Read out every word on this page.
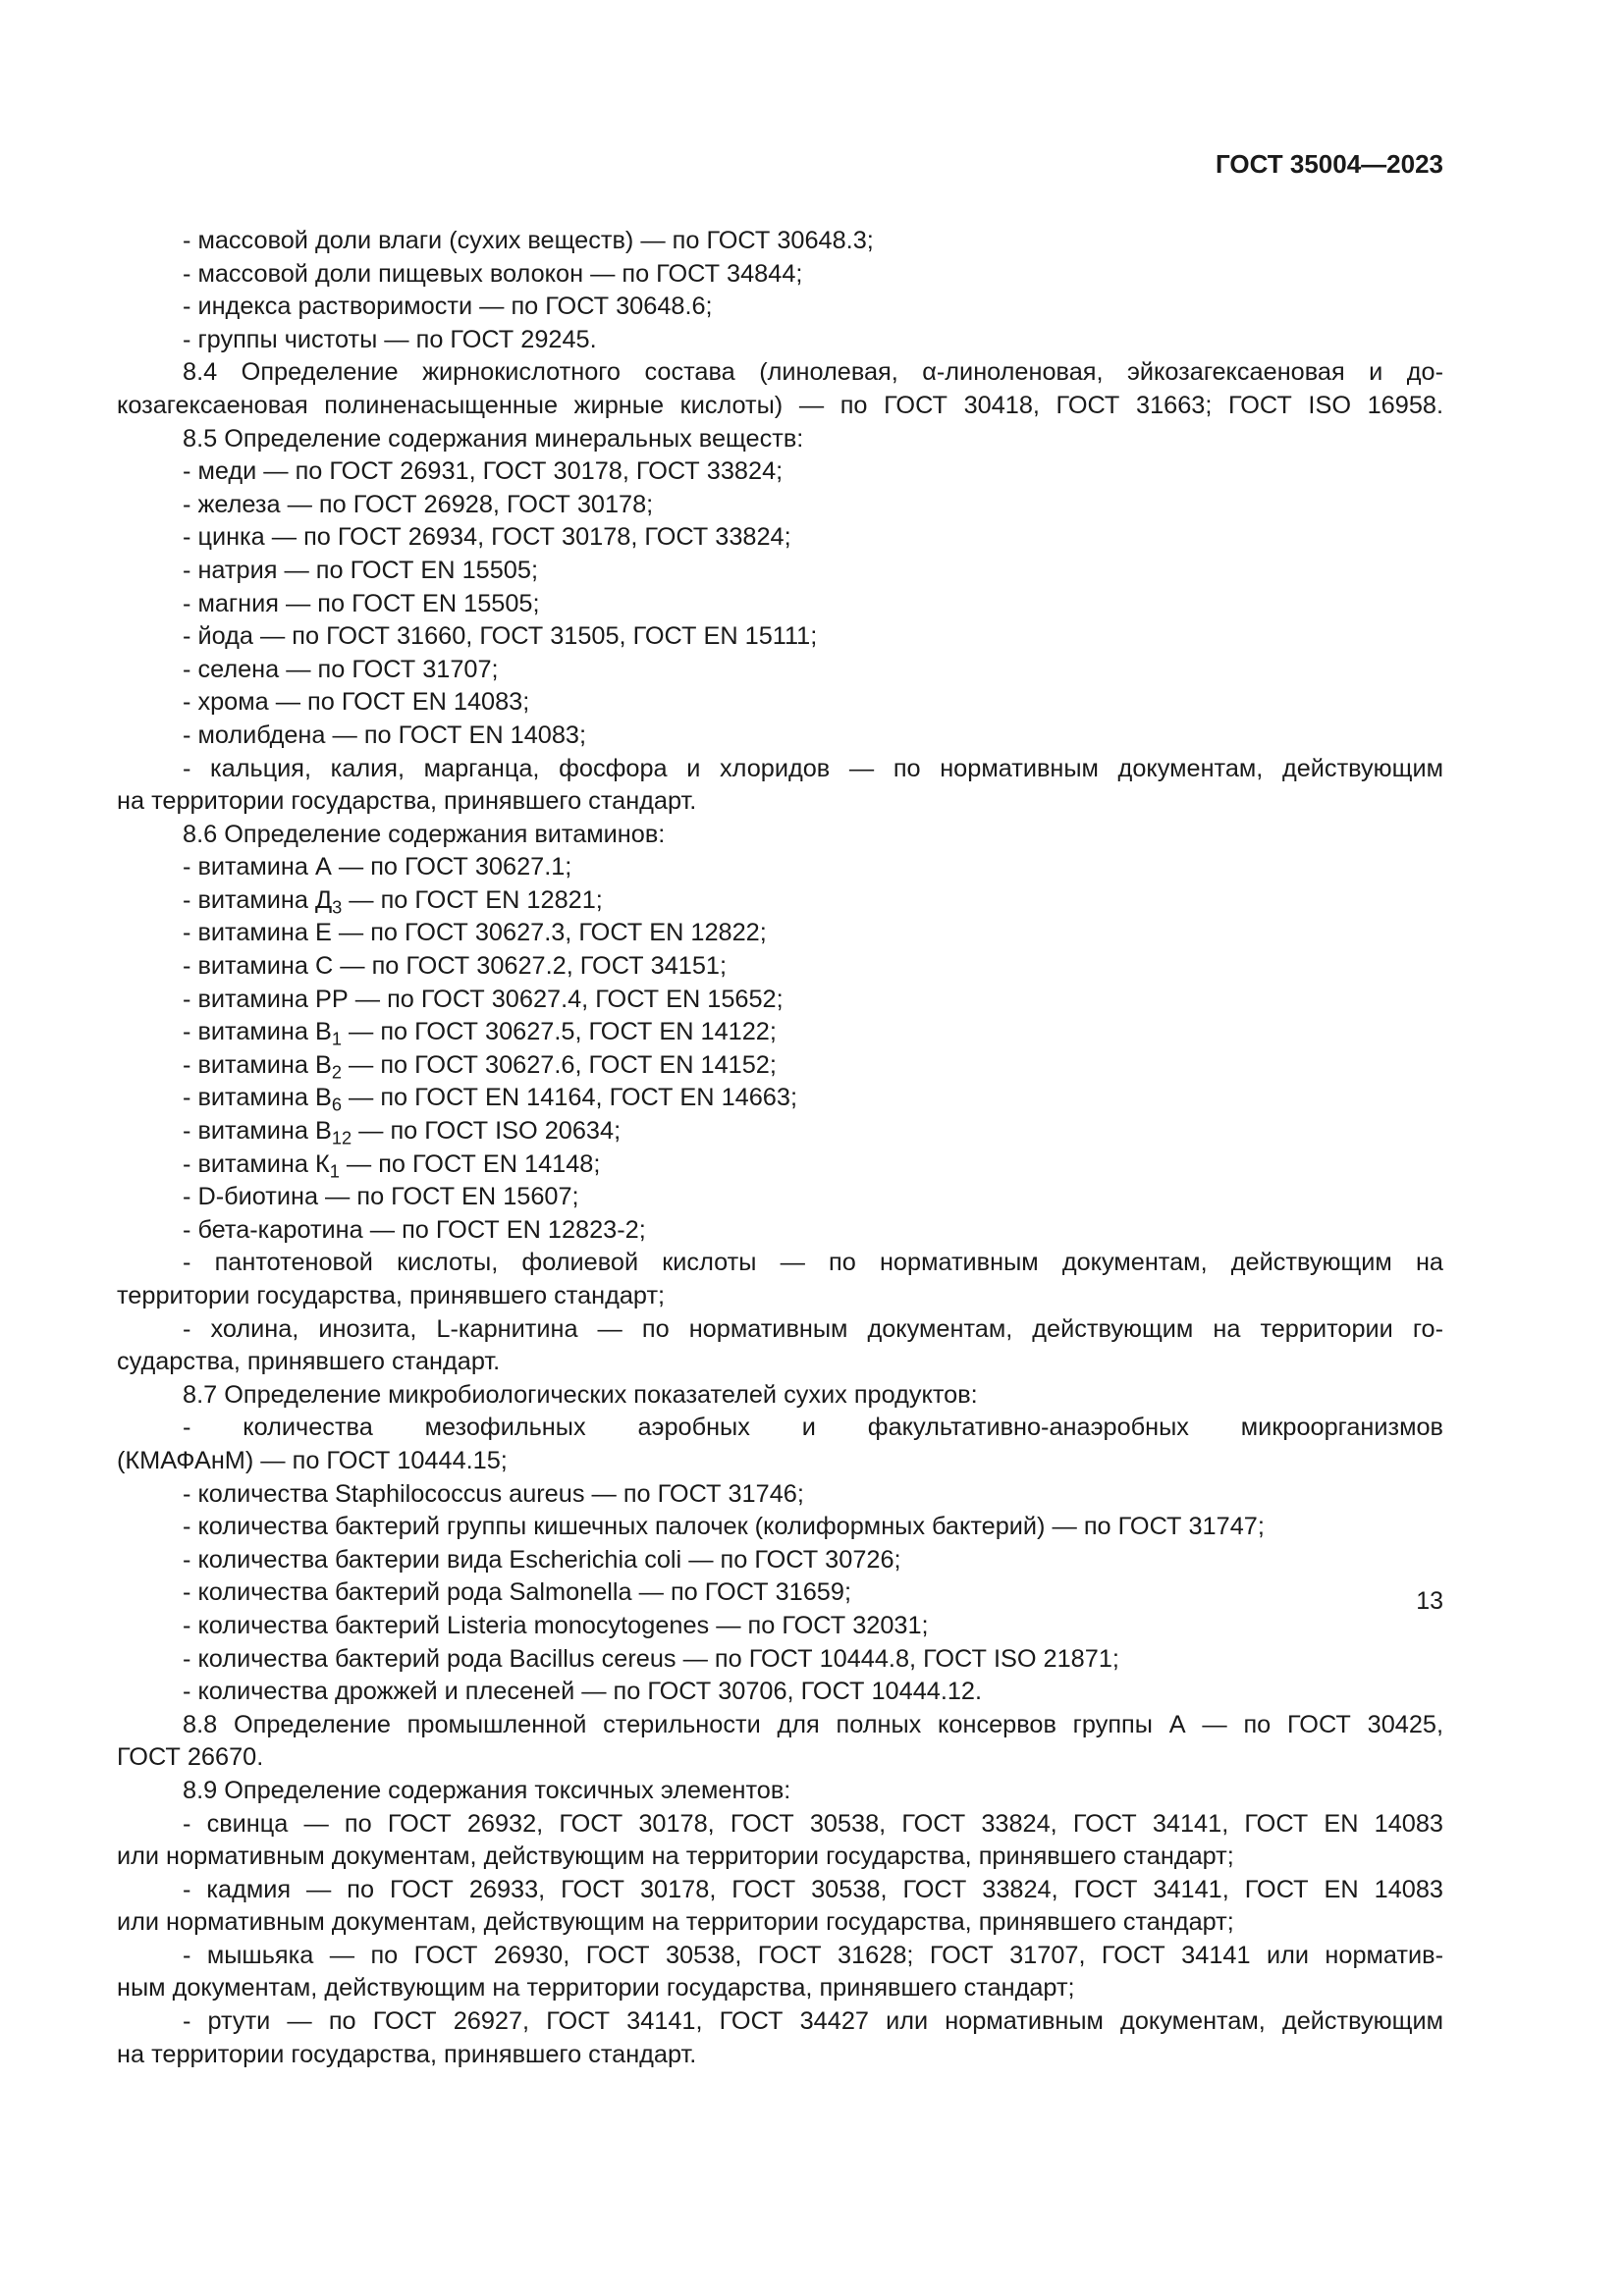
ГОСТ 35004—2023

- массовой доли влаги (сухих веществ) — по ГОСТ 30648.3;

- массовой доли пищевых волокон — по ГОСТ 34844;

- индекса растворимости — по ГОСТ 30648.6;

- группы чистоты — по ГОСТ 29245.

8.4 Определение жирнокислотного состава (линолевая, α-линоленовая, эйкозагексаеновая и до-

козагексаеновая полиненасыщенные жирные кислоты) — по ГОСТ 30418, ГОСТ 31663; ГОСТ ISO 16958.

8.5 Определение содержания минеральных веществ:

- меди — по ГОСТ 26931, ГОСТ 30178, ГОСТ 33824;

- железа — по ГОСТ 26928, ГОСТ 30178;

- цинка — по ГОСТ 26934, ГОСТ 30178, ГОСТ 33824;

- натрия — по ГОСТ EN 15505;

- магния — по ГОСТ EN 15505;

- йода — по ГОСТ 31660, ГОСТ 31505, ГОСТ EN 15111;

- селена — по ГОСТ 31707;

- хрома — по ГОСТ EN 14083;

- молибдена — по ГОСТ EN 14083;

- кальция, калия, марганца, фосфора и хлоридов — по нормативным документам, действующим

на территории государства, принявшего стандарт.

8.6 Определение содержания витаминов:

- витамина А — по ГОСТ 30627.1;

- витамина $Д_3$ — по ГОСТ EN 12821;

- витамина Е — по ГОСТ 30627.3, ГОСТ EN 12822;

- витамина С — по ГОСТ 30627.2, ГОСТ 34151;

- витамина РР — по ГОСТ 30627.4, ГОСТ EN 15652;

- витамина $В_1$ — по ГОСТ 30627.5, ГОСТ EN 14122;

- витамина $В_2$ — по ГОСТ 30627.6, ГОСТ EN 14152;

- витамина $В_6$ — по ГОСТ EN 14164, ГОСТ EN 14663;

- витамина $В_{12}$ — по ГОСТ ISO 20634;

- витамина $К_1$ — по ГОСТ EN 14148;

- D-биотина — по ГОСТ EN 15607;

- бета-каротина — по ГОСТ EN 12823-2;

- пантотеновой кислоты, фолиевой кислоты — по нормативным документам, действующим на

территории государства, принявшего стандарт;

- холина, инозита, L-карнитина — по нормативным документам, действующим на территории го-

сударства, принявшего стандарт.

8.7 Определение микробиологических показателей сухих продуктов:

- количества мезофильных аэробных и факультативно-анаэробных микроорганизмов

(КМАФАнМ) — по ГОСТ 10444.15;

- количества Staphilococcus aureus — по ГОСТ 31746;

- количества бактерий группы кишечных палочек (колиформных бактерий) — по ГОСТ 31747;

- количества бактерии вида Escherichia coli — по ГОСТ 30726;

- количества бактерий рода Salmonella — по ГОСТ 31659;

- количества бактерий Listeria monocytogenes — по ГОСТ 32031;

- количества бактерий рода Bacillus cereus — по ГОСТ 10444.8, ГОСТ ISO 21871;

- количества дрожжей и плесеней — по ГОСТ 30706, ГОСТ 10444.12.

8.8 Определение промышленной стерильности для полных консервов группы А — по ГОСТ 30425,

ГОСТ 26670.

8.9 Определение содержания токсичных элементов:

- свинца — по ГОСТ 26932, ГОСТ 30178, ГОСТ 30538, ГОСТ 33824, ГОСТ 34141, ГОСТ EN 14083

или нормативным документам, действующим на территории государства, принявшего стандарт;

- кадмия — по ГОСТ 26933, ГОСТ 30178, ГОСТ 30538, ГОСТ 33824, ГОСТ 34141, ГОСТ EN 14083

или нормативным документам, действующим на территории государства, принявшего стандарт;

- мышьяка — по ГОСТ 26930, ГОСТ 30538, ГОСТ 31628; ГОСТ 31707, ГОСТ 34141 или норматив-

ным документам, действующим на территории государства, принявшего стандарт;

- ртути — по ГОСТ 26927, ГОСТ 34141, ГОСТ 34427 или нормативным документам, действующим

на территории государства, принявшего стандарт.

13
